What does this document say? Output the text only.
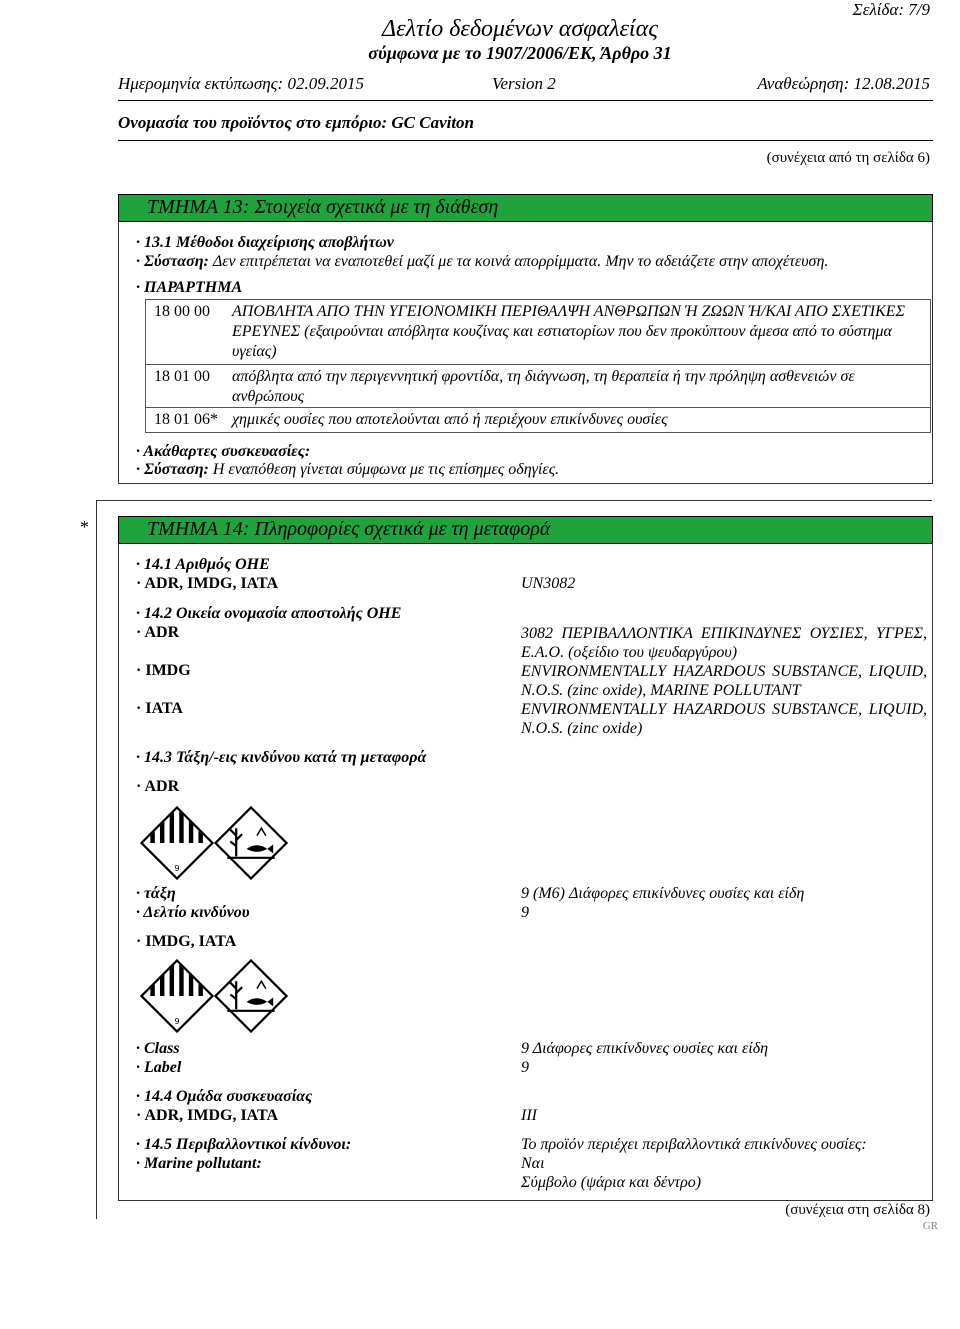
Σελίδα: 7/9
Δελτίο δεδομένων ασφαλείας
σύμφωνα με το 1907/2006/ΕΚ, Άρθρο 31
Ημερομηνία εκτύπωσης: 02.09.2015	Version 2	Αναθεώρηση: 12.08.2015
Ονομασία του προϊόντος στο εμπόριο: GC Caviton
(συνέχεια από τη σελίδα 6)
ΤΜΗΜΑ 13: Στοιχεία σχετικά με τη διάθεση
· 13.1 Μέθοδοι διαχείρισης αποβλήτων
· Σύσταση: Δεν επιτρέπεται να εναποτεθεί μαζί με τα κοινά απορρίμματα. Μην το αδειάζετε στην αποχέτευση.
· ΠΑΡΑΡΤΗΜΑ
18 00 00	ΑΠΟΒΛΗΤΑ ΑΠΟ ΤΗΝ ΥΓΕΙΟΝΟΜΙΚΗ ΠΕΡΙΘΑΛΨΗ ΑΝΘΡΩΠΩΝ Ή ΖΩΩΝ Ή/ΚΑΙ ΑΠΟ ΣΧΕΤΙΚΕΣ ΕΡΕΥΝΕΣ (εξαιρούνται απόβλητα κουζίνας και εστιατορίων που δεν προκύπτουν άμεσα από το σύστημα υγείας)
18 01 00	απόβλητα από την περιγεννητική φροντίδα, τη διάγνωση, τη θεραπεία ή την πρόληψη ασθενειών σε ανθρώπους
18 01 06*	χημικές ουσίες που αποτελούνται από ή περιέχουν επικίνδυνες ουσίες
· Ακάθαρτες συσκευασίες:
· Σύσταση: Η εναπόθεση γίνεται σύμφωνα με τις επίσημες οδηγίες.
*	ΤΜΗΜΑ 14: Πληροφορίες σχετικά με τη μεταφορά
· 14.1 Αριθμός ΟΗΕ
· ADR, IMDG, IATA	UN3082
· 14.2 Οικεία ονομασία αποστολής ΟΗΕ
· ADR	3082 ΠΕΡΙΒΑΛΛΟΝΤΙΚΑ ΕΠΙΚΙΝΔΥΝΕΣ ΟΥΣΙΕΣ, ΥΓΡΕΣ, Ε.Α.Ο. (οξείδιο του ψευδαργύρου)
· IMDG	ENVIRONMENTALLY HAZARDOUS SUBSTANCE, LIQUID, N.O.S. (zinc oxide), MARINE POLLUTANT
· IATA	ENVIRONMENTALLY HAZARDOUS SUBSTANCE, LIQUID, N.O.S. (zinc oxide)
· 14.3 Τάξη/-εις κινδύνου κατά τη μεταφορά
· ADR
9
· τάξη	9 (M6) Διάφορες επικίνδυνες ουσίες και είδη
· Δελτίο κινδύνου	9
· IMDG, IATA
9
· Class	9 Διάφορες επικίνδυνες ουσίες και είδη
· Label	9
· 14.4 Ομάδα συσκευασίας
· ADR, IMDG, IATA	III
· 14.5 Περιβαλλοντικοί κίνδυνοι:	Το προϊόν περιέχει περιβαλλοντικά επικίνδυνες ουσίες:
· Marine pollutant:	Ναι
Σύμβολο (ψάρια και δέντρο)
(συνέχεια στη σελίδα 8)
GR
